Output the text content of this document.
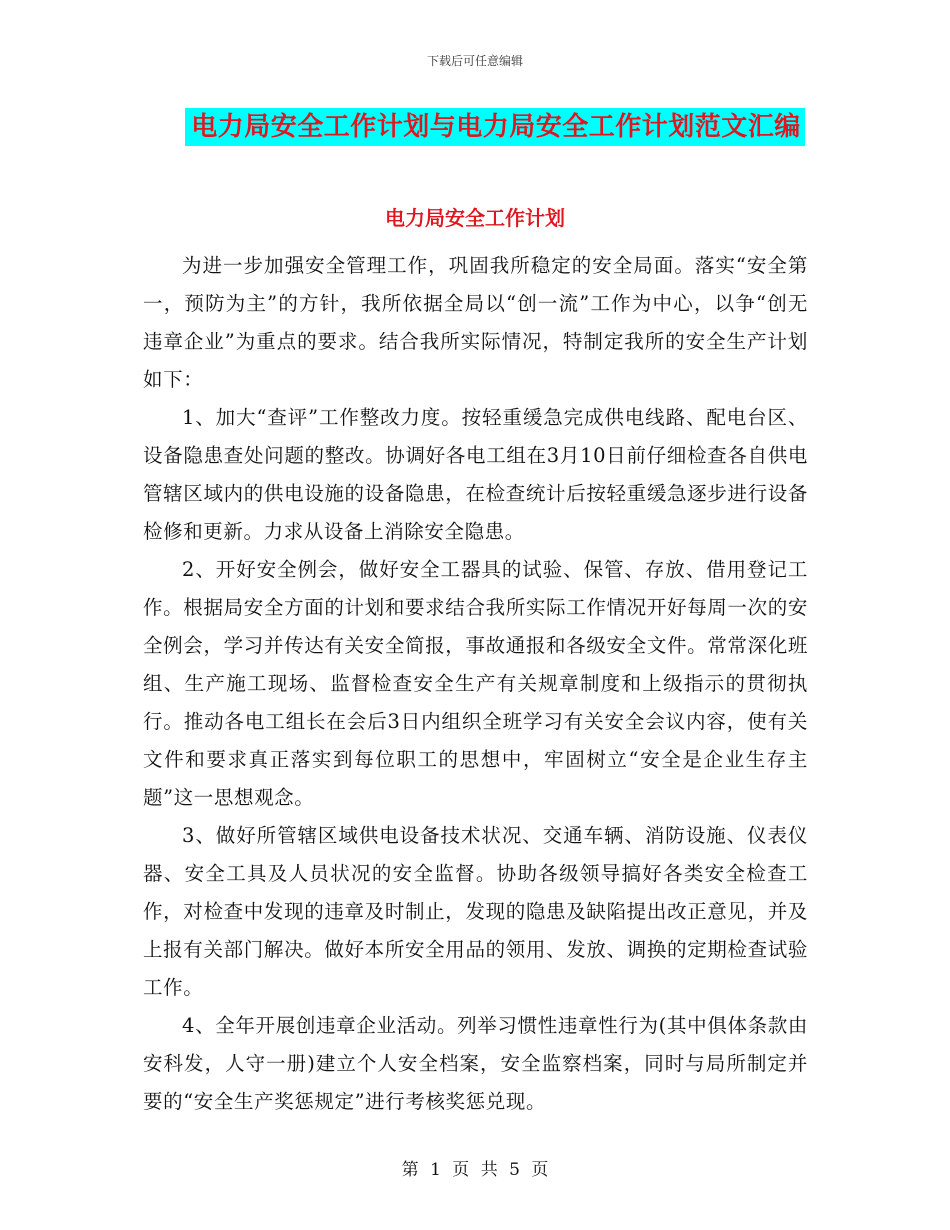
下载后可任意编辑
电力局安全工作计划与电力局安全工作计划范文汇编
电力局安全工作计划

为进一步加强安全管理工作，巩固我所稳定的安全局面。落实“安全第一，预防为主”的方针，我所依据全局以“创一流”工作为中心，以争“创无违章企业”为重点的要求。结合我所实际情况，特制定我所的安全生产计划如下：

1、加大“查评”工作整改力度。按轻重缓急完成供电线路、配电台区、设备隐患查处问题的整改。协调好各电工组在3月10日前仔细检查各自供电管辖区域内的供电设施的设备隐患，在检查统计后按轻重缓急逐步进行设备检修和更新。力求从设备上消除安全隐患。

2、开好安全例会，做好安全工器具的试验、保管、存放、借用登记工作。根据局安全方面的计划和要求结合我所实际工作情况开好每周一次的安全例会，学习并传达有关安全简报，事故通报和各级安全文件。常常深化班组、生产施工现场、监督检查安全生产有关规章制度和上级指示的贯彻执行。推动各电工组长在会后3日内组织全班学习有关安全会议内容，使有关文件和要求真正落实到每位职工的思想中，牢固树立“安全是企业生存主题”这一思想观念。

3、做好所管辖区域供电设备技术状况、交通车辆、消防设施、仪表仪器、安全工具及人员状况的安全监督。协助各级领导搞好各类安全检查工作，对检查中发现的违章及时制止，发现的隐患及缺陷提出改正意见，并及上报有关部门解决。做好本所安全用品的领用、发放、调换的定期检查试验工作。

4、全年开展创违章企业活动。列举习惯性违章性行为(其中俱体条款由安科发，人守一册)建立个人安全档案，安全监察档案，同时与局所制定并要的“安全生产奖惩规定”进行考核奖惩兑现。

第 1 页 共 5 页
